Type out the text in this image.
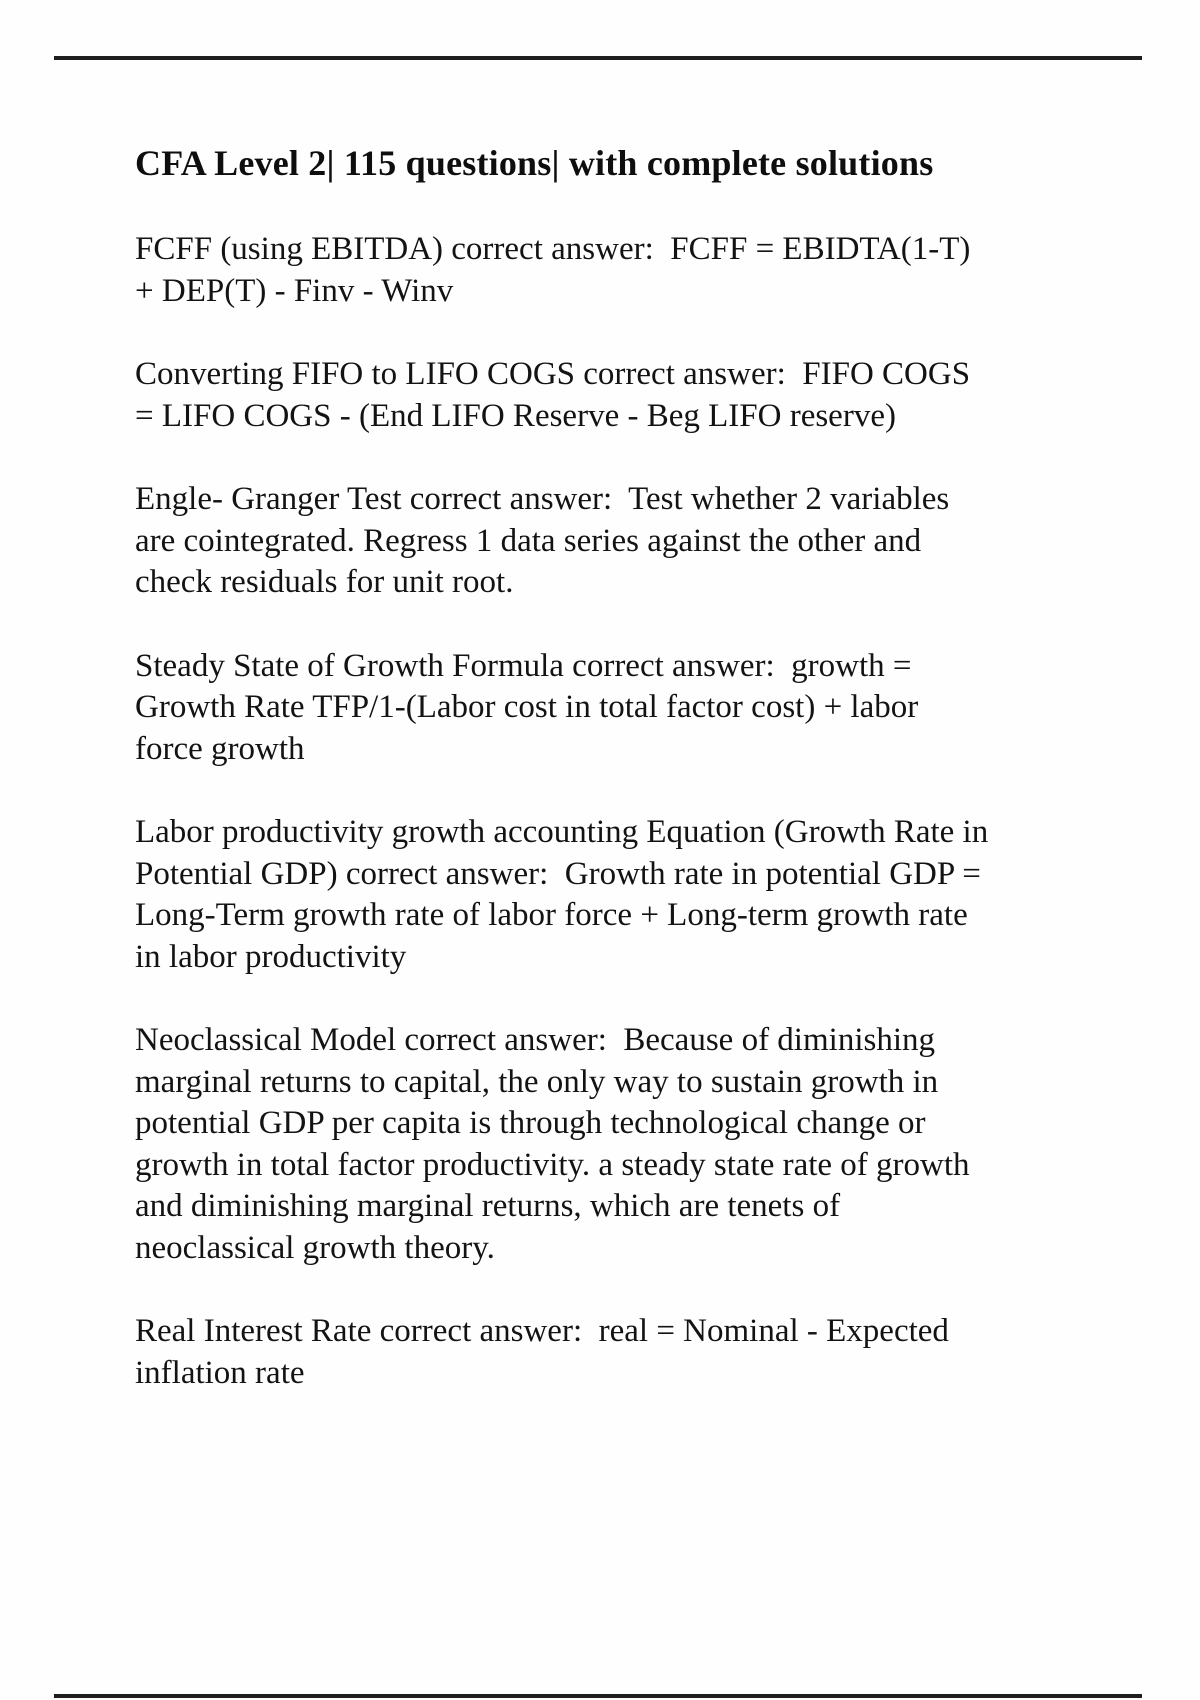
CFA Level 2| 115 questions| with complete solutions
FCFF (using EBITDA) correct answer:  FCFF = EBIDTA(1-T)
+ DEP(T) - Finv - Winv
Converting FIFO to LIFO COGS correct answer:  FIFO COGS
= LIFO COGS - (End LIFO Reserve - Beg LIFO reserve)
Engle- Granger Test correct answer:  Test whether 2 variables
are cointegrated. Regress 1 data series against the other and
check residuals for unit root.
Steady State of Growth Formula correct answer:  growth =
Growth Rate TFP/1-(Labor cost in total factor cost) + labor
force growth
Labor productivity growth accounting Equation (Growth Rate in
Potential GDP) correct answer:  Growth rate in potential GDP =
Long-Term growth rate of labor force + Long-term growth rate
in labor productivity
Neoclassical Model correct answer:  Because of diminishing
marginal returns to capital, the only way to sustain growth in
potential GDP per capita is through technological change or
growth in total factor productivity. a steady state rate of growth
and diminishing marginal returns, which are tenets of
neoclassical growth theory.
Real Interest Rate correct answer:  real = Nominal - Expected
inflation rate
